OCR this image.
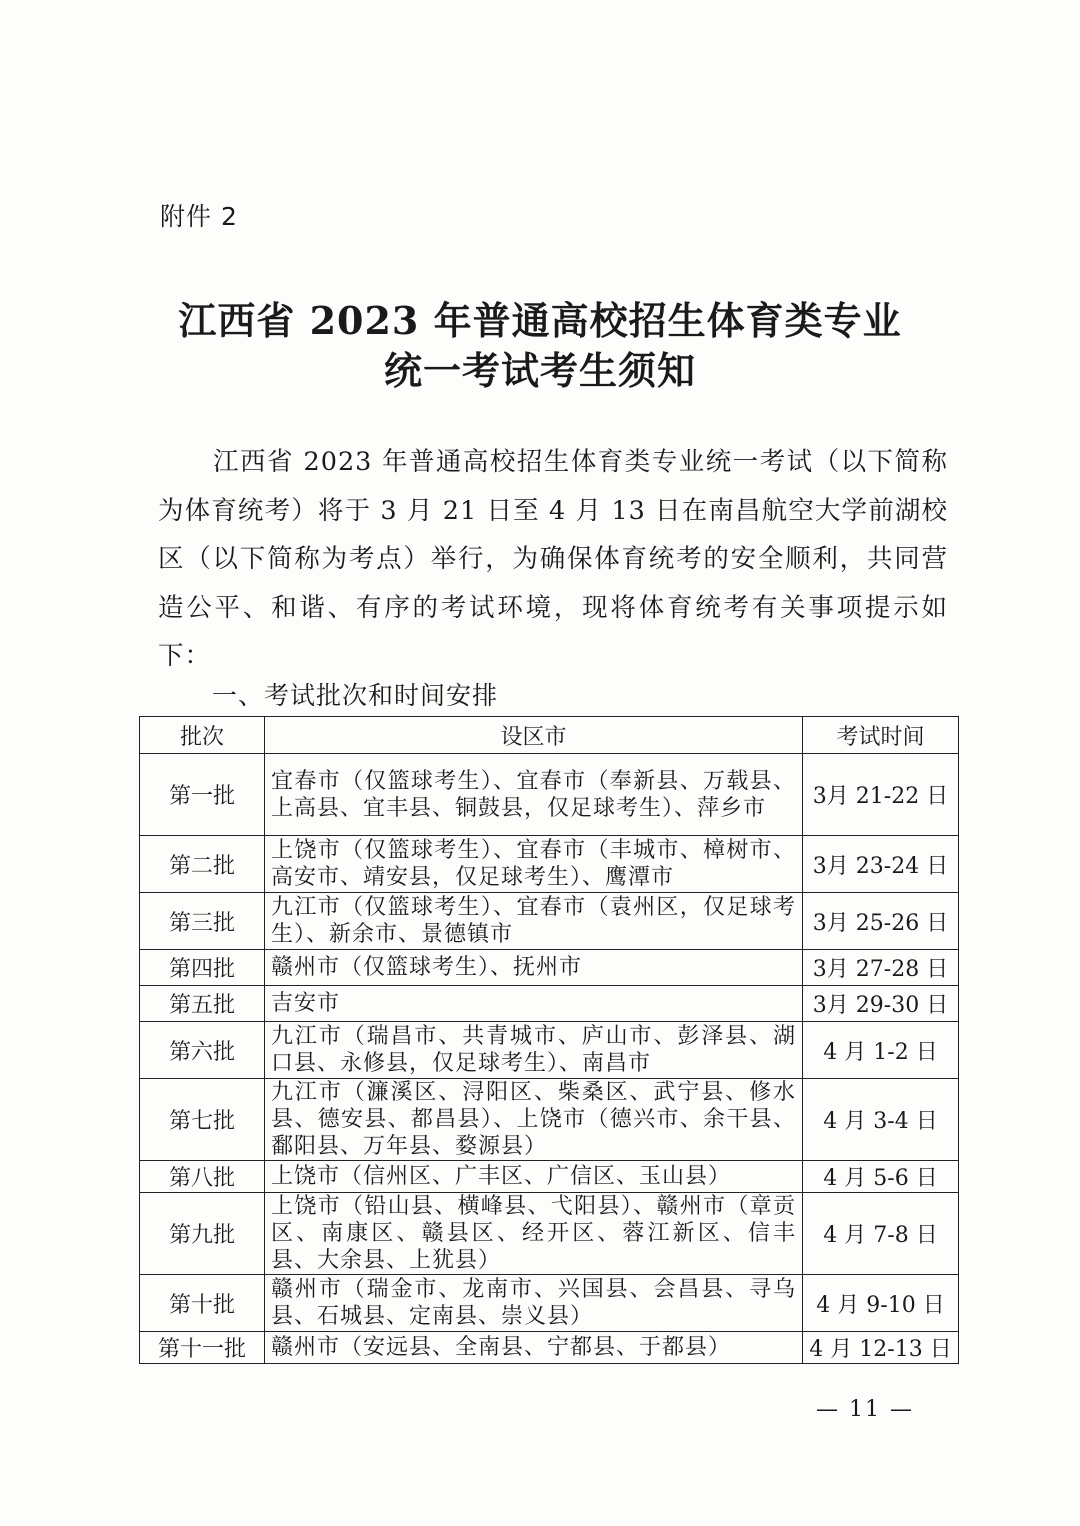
附件 2
江西省 2023 年普通高校招生体育类专业
统一考试考生须知
江西省 2023 年普通高校招生体育类专业统一考试（以下简称为体育统考）将于 3 月 21 日至 4 月 13 日在南昌航空大学前湖校区（以下简称为考点）举行，为确保体育统考的安全顺利，共同营造公平、和谐、有序的考试环境，现将体育统考有关事项提示如下：
一、考试批次和时间安排
批次	设区市	考试时间
第一批	宜春市（仅篮球考生）、宜春市（奉新县、万载县、上高县、宜丰县、铜鼓县，仅足球考生）、萍乡市	3月 21-22 日
第二批	上饶市（仅篮球考生）、宜春市（丰城市、樟树市、高安市、靖安县，仅足球考生）、鹰潭市	3月 23-24 日
第三批	九江市（仅篮球考生）、宜春市（袁州区，仅足球考生）、新余市、景德镇市	3月 25-26 日
第四批	赣州市（仅篮球考生）、抚州市	3月 27-28 日
第五批	吉安市	3月 29-30 日
第六批	九江市（瑞昌市、共青城市、庐山市、彭泽县、湖口县、永修县，仅足球考生）、南昌市	4 月 1-2 日
第七批	九江市（濂溪区、浔阳区、柴桑区、武宁县、修水县、德安县、都昌县）、上饶市（德兴市、余干县、鄱阳县、万年县、婺源县）	4 月 3-4 日
第八批	上饶市（信州区、广丰区、广信区、玉山县）	4 月 5-6 日
第九批	上饶市（铅山县、横峰县、弋阳县）、赣州市（章贡区、南康区、赣县区、经开区、蓉江新区、信丰县、大余县、上犹县）	4 月 7-8 日
第十批	赣州市（瑞金市、龙南市、兴国县、会昌县、寻乌县、石城县、定南县、崇义县）	4 月 9-10 日
第十一批	赣州市（安远县、全南县、宁都县、于都县）	4 月 12-13 日
— 11 —
